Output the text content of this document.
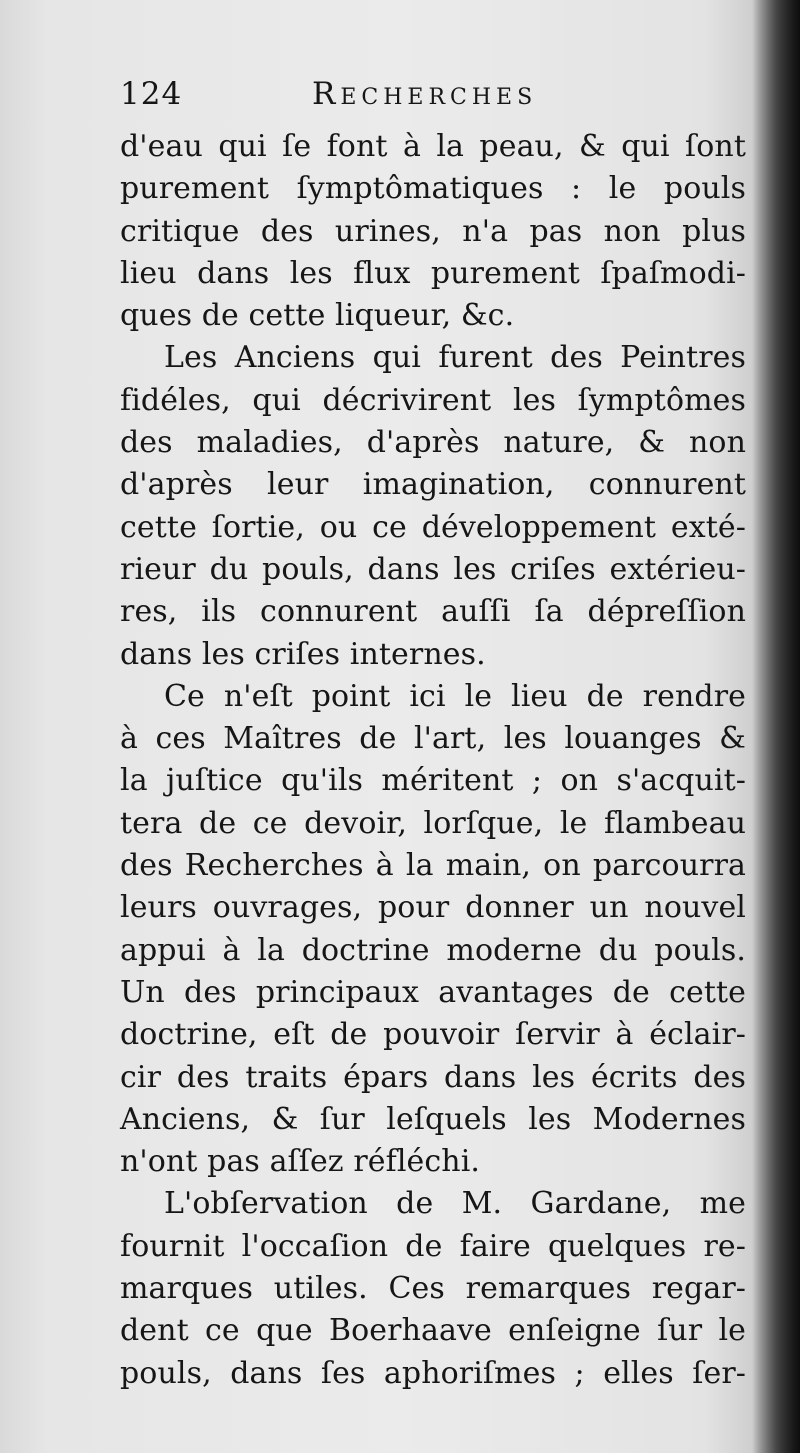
124	Recherches
d'eau qui ſe font à la peau, & qui ſont
purement ſymptômatiques : le pouls
critique des urines, n'a pas non plus
lieu dans les flux purement ſpaſmodi-
ques de cette liqueur, &c.
Les Anciens qui furent des Peintres
fidéles, qui décrivirent les ſymptômes
des maladies, d'après nature, & non
d'après leur imagination, connurent
cette ſortie, ou ce développement exté-
rieur du pouls, dans les criſes extérieu-
res, ils connurent auſſi ſa dépreſſion
dans les criſes internes.
Ce n'eſt point ici le lieu de rendre
à ces Maîtres de l'art, les louanges &
la juſtice qu'ils méritent ; on s'acquit-
tera de ce devoir, lorſque, le flambeau
des Recherches à la main, on parcourra
leurs ouvrages, pour donner un nouvel
appui à la doctrine moderne du pouls.
Un des principaux avantages de cette
doctrine, eſt de pouvoir ſervir à éclair-
cir des traits épars dans les écrits des
Anciens, & ſur leſquels les Modernes
n'ont pas aſſez réfléchi.
L'obſervation de M. Gardane, me
fournit l'occaſion de faire quelques re-
marques utiles. Ces remarques regar-
dent ce que Boerhaave enſeigne ſur le
pouls, dans ſes aphoriſmes ; elles ſer-
